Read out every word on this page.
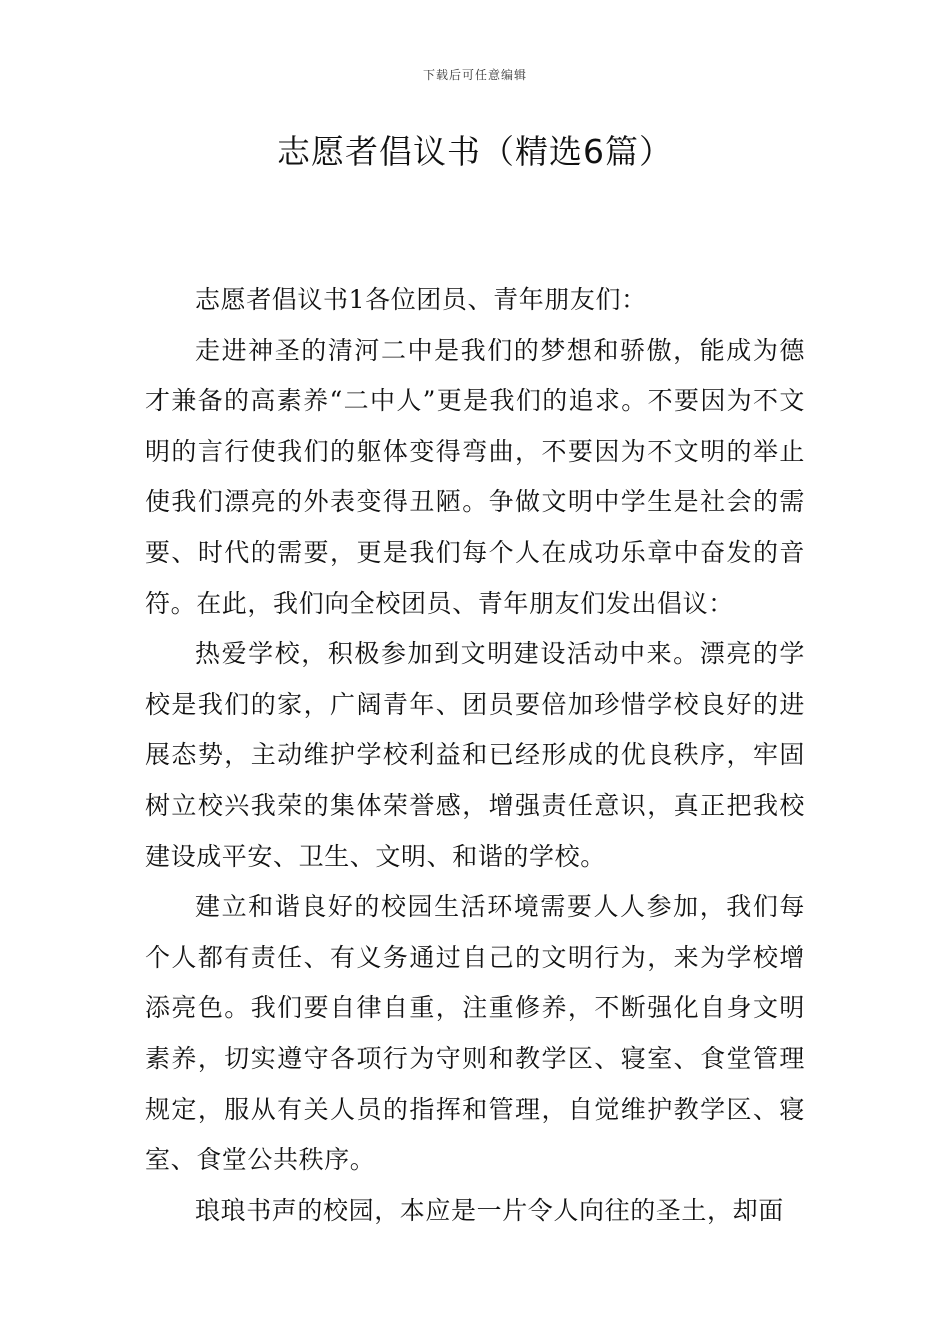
下载后可任意编辑
志愿者倡议书（精选6篇）

志愿者倡议书1各位团员、青年朋友们：

走进神圣的清河二中是我们的梦想和骄傲，能成为德才兼备的高素养“二中人”更是我们的追求。不要因为不文明的言行使我们的躯体变得弯曲，不要因为不文明的举止使我们漂亮的外表变得丑陋。争做文明中学生是社会的需要、时代的需要，更是我们每个人在成功乐章中奋发的音符。在此，我们向全校团员、青年朋友们发出倡议：

热爱学校，积极参加到文明建设活动中来。漂亮的学校是我们的家，广阔青年、团员要倍加珍惜学校良好的进展态势，主动维护学校利益和已经形成的优良秩序，牢固树立校兴我荣的集体荣誉感，增强责任意识，真正把我校建设成平安、卫生、文明、和谐的学校。

建立和谐良好的校园生活环境需要人人参加，我们每个人都有责任、有义务通过自己的文明行为，来为学校增添亮色。我们要自律自重，注重修养，不断强化自身文明素养，切实遵守各项行为守则和教学区、寝室、食堂管理规定，服从有关人员的指挥和管理，自觉维护教学区、寝室、食堂公共秩序。

琅琅书声的校园，本应是一片令人向往的圣土，却面
